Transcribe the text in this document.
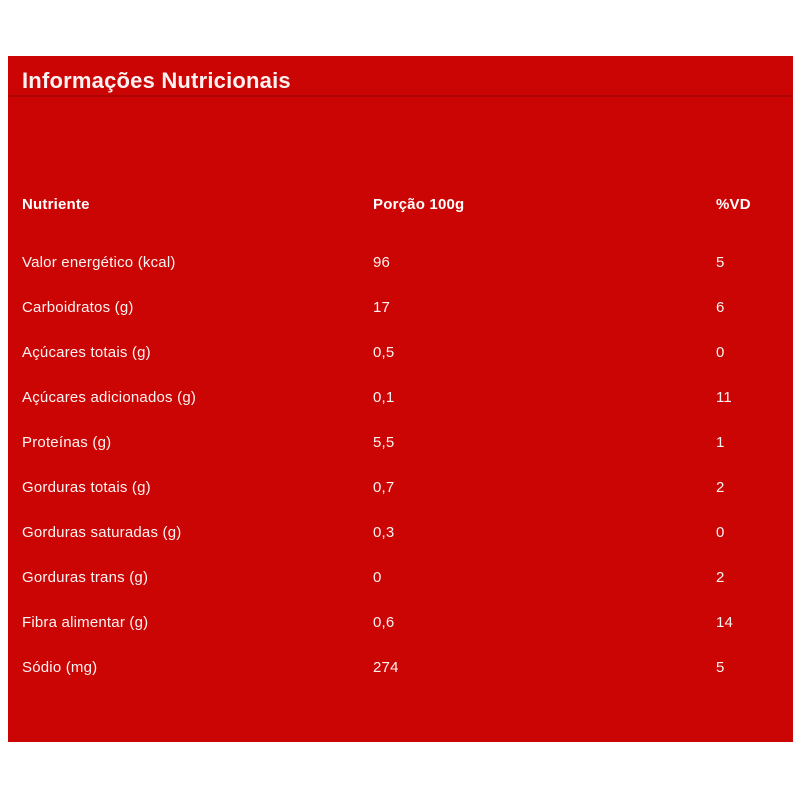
Informações Nutricionais
Nutriente	Porção 100g	%VD
Valor energético (kcal)	96	5
Carboidratos (g)	17	6
Açúcares totais (g)	0,5	0
Açúcares adicionados (g)	0,1	11
Proteínas (g)	5,5	1
Gorduras totais (g)	0,7	2
Gorduras saturadas (g)	0,3	0
Gorduras trans (g)	0	2
Fibra alimentar (g)	0,6	14
Sódio (mg)	274	5
